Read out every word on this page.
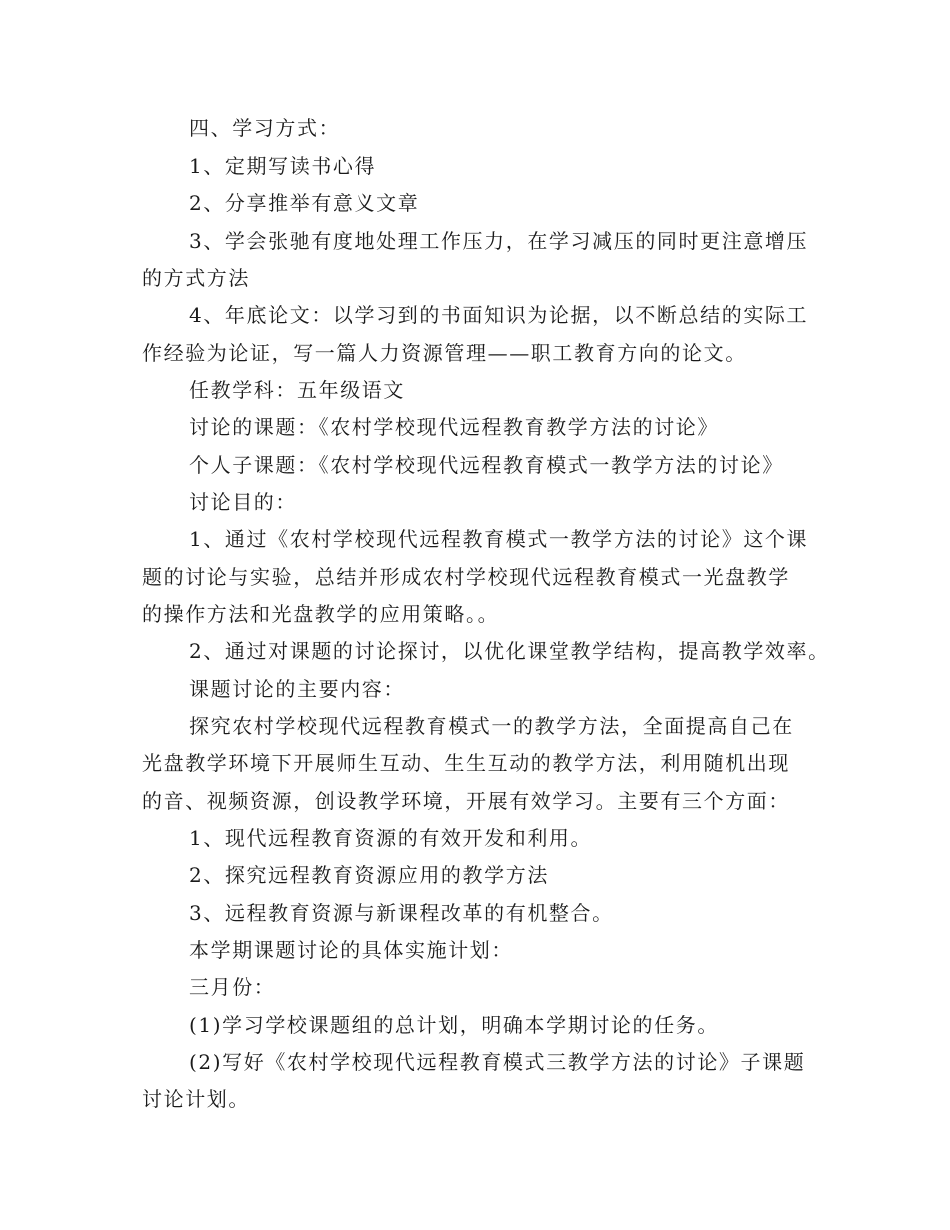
四、学习方式：
1、定期写读书心得
2、分享推举有意义文章
3、学会张驰有度地处理工作压力，在学习减压的同时更注意增压
的方式方法
4、年底论文：以学习到的书面知识为论据，以不断总结的实际工
作经验为论证，写一篇人力资源管理——职工教育方向的论文。
任教学科：五年级语文
讨论的课题：《农村学校现代远程教育教学方法的讨论》
个人子课题：《农村学校现代远程教育模式一教学方法的讨论》
讨论目的：
1、通过《农村学校现代远程教育模式一教学方法的讨论》这个课
题的讨论与实验，总结并形成农村学校现代远程教育模式一光盘教学
的操作方法和光盘教学的应用策略。。
2、通过对课题的讨论探讨，以优化课堂教学结构，提高教学效率。
课题讨论的主要内容：
探究农村学校现代远程教育模式一的教学方法，全面提高自己在
光盘教学环境下开展师生互动、生生互动的教学方法，利用随机出现
的音、视频资源，创设教学环境，开展有效学习。主要有三个方面：
1、现代远程教育资源的有效开发和利用。
2、探究远程教育资源应用的教学方法
3、远程教育资源与新课程改革的有机整合。
本学期课题讨论的具体实施计划：
三月份：
(1)学习学校课题组的总计划，明确本学期讨论的任务。
(2)写好《农村学校现代远程教育模式三教学方法的讨论》子课题
讨论计划。
